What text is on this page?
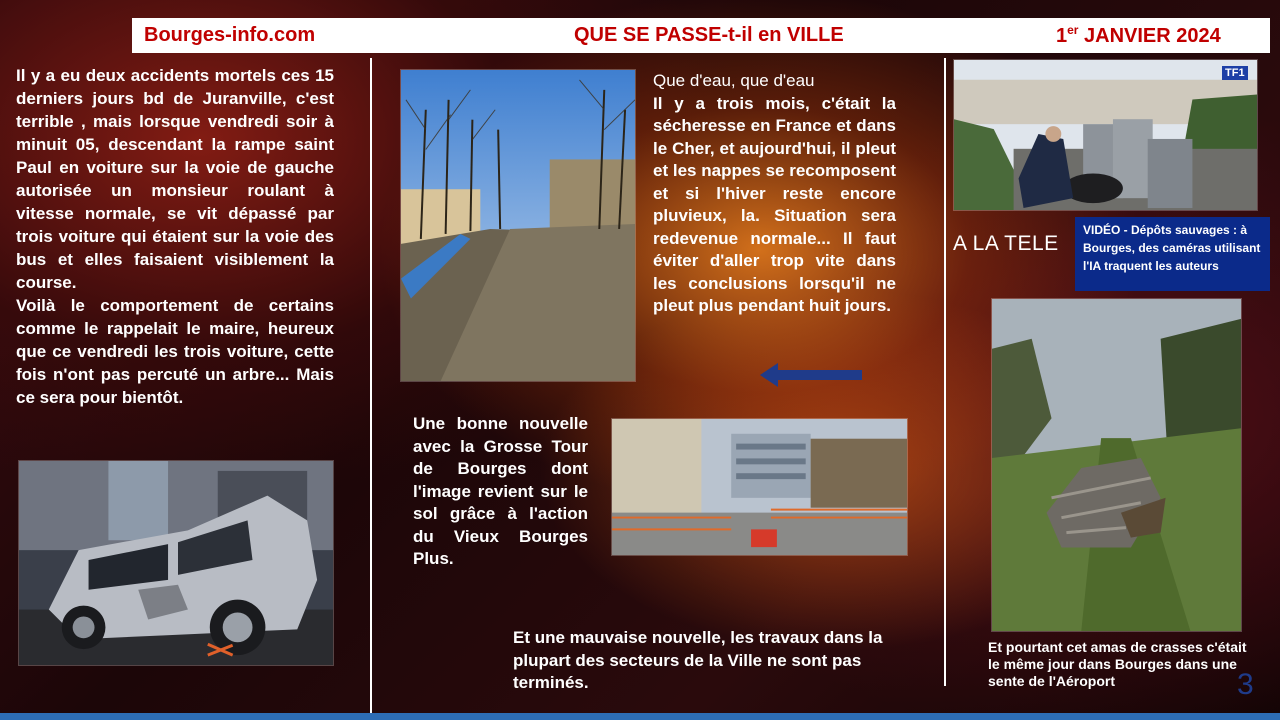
Bourges-info.com	QUE SE PASSE-t-il en VILLE	1er JANVIER 2024

Il y a eu deux accidents mortels ces 15 derniers jours bd de Juranville, c'est terrible , mais lorsque vendredi soir à minuit 05, descendant la rampe saint Paul en voiture sur la voie de gauche autorisée un monsieur roulant à vitesse normale, se vit dépassé par trois voiture qui étaient sur la voie des bus et elles faisaient visiblement la course.

Voilà le comportement de certains comme le rappelait le maire, heureux que ce vendredi les trois voiture, cette fois n'ont pas percuté un arbre... Mais ce sera pour bientôt.

Que d'eau, que d'eau

Il y a trois mois, c'était la sécheresse en France et dans le Cher, et aujourd'hui, il pleut et les nappes se recomposent et si l'hiver reste encore pluvieux, la. Situation sera redevenue normale... Il faut éviter d'aller trop vite dans les conclusions lorsqu'il ne pleut plus pendant huit jours.

Une bonne nouvelle avec la Grosse Tour de Bourges dont l'image revient sur le sol grâce à l'action du Vieux Bourges Plus.
Et une mauvaise nouvelle, les travaux dans la plupart des secteurs de la Ville ne sont pas terminés.
TF1
A LA TELE
VIDÉO - Dépôts sauvages : à Bourges, des caméras utilisant l'IA traquent les auteurs
Et pourtant cet amas de crasses c'était le même jour dans Bourges dans une sente de l'Aéroport	3
